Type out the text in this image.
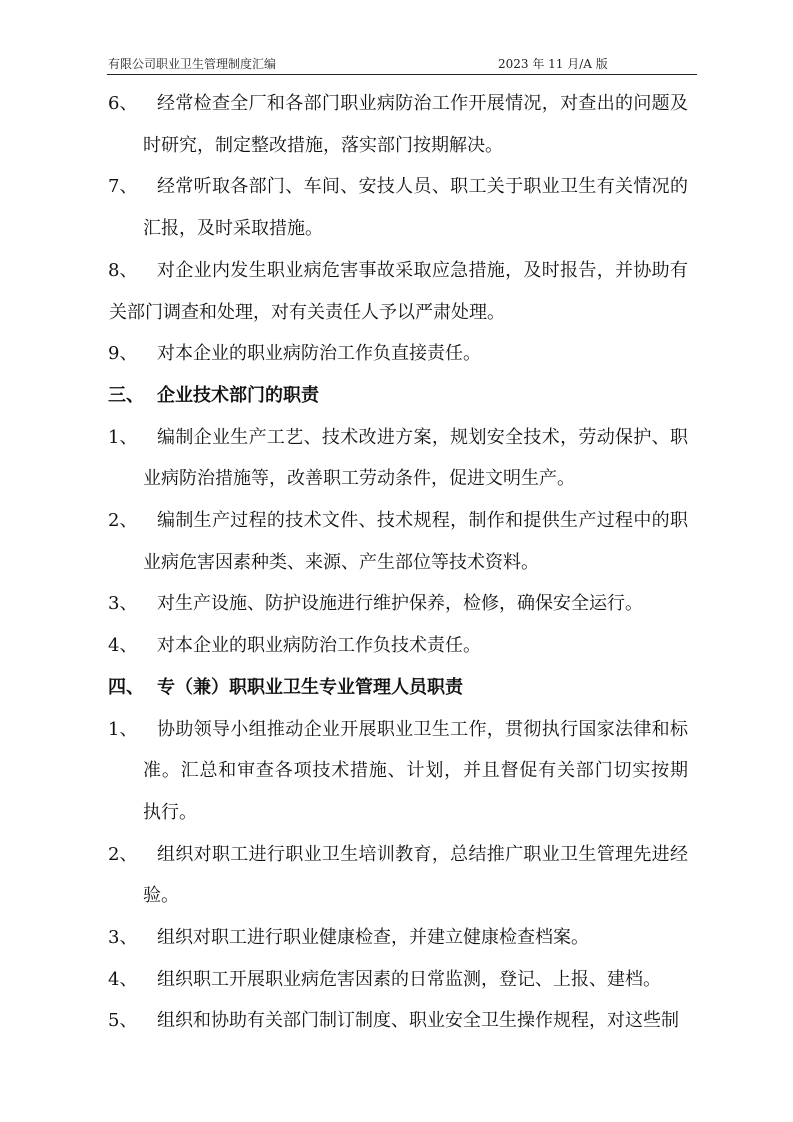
有限公司职业卫生管理制度汇编	2023 年 11 月/A 版
6、 经常检查全厂和各部门职业病防治工作开展情况，对查出的问题及
时研究，制定整改措施，落实部门按期解决。
7、 经常听取各部门、车间、安技人员、职工关于职业卫生有关情况的
汇报，及时采取措施。
8、 对企业内发生职业病危害事故采取应急措施，及时报告，并协助有
关部门调查和处理，对有关责任人予以严肃处理。
9、 对本企业的职业病防治工作负直接责任。
三、 企业技术部门的职责
1、 编制企业生产工艺、技术改进方案，规划安全技术，劳动保护、职
业病防治措施等，改善职工劳动条件，促进文明生产。
2、 编制生产过程的技术文件、技术规程，制作和提供生产过程中的职
业病危害因素种类、来源、产生部位等技术资料。
3、 对生产设施、防护设施进行维护保养，检修，确保安全运行。
4、 对本企业的职业病防治工作负技术责任。
四、 专（兼）职职业卫生专业管理人员职责
1、 协助领导小组推动企业开展职业卫生工作，贯彻执行国家法律和标
准。汇总和审查各项技术措施、计划，并且督促有关部门切实按期
执行。
2、 组织对职工进行职业卫生培训教育，总结推广职业卫生管理先进经
验。
3、 组织对职工进行职业健康检查，并建立健康检查档案。
4、 组织职工开展职业病危害因素的日常监测，登记、上报、建档。
5、 组织和协助有关部门制订制度、职业安全卫生操作规程，对这些制
